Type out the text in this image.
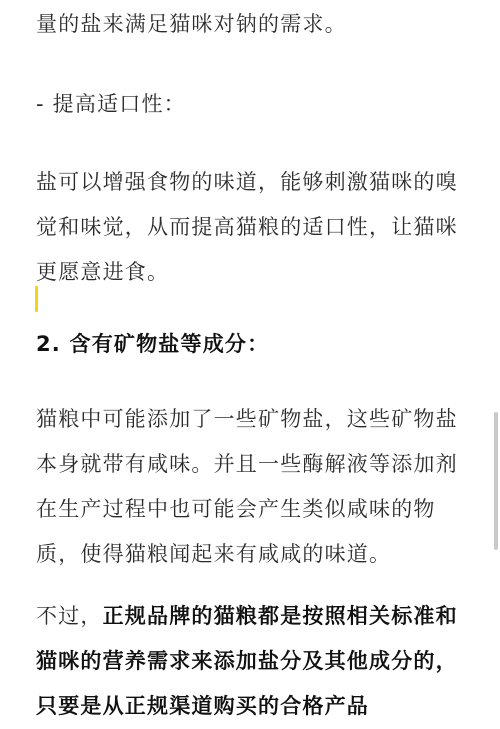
量的盐来满足猫咪对钠的需求。

- 提高适口性：

盐可以增强食物的味道，能够刺激猫咪的嗅觉和味觉，从而提高猫粮的适口性，让猫咪更愿意进食。

2. 含有矿物盐等成分：

猫粮中可能添加了一些矿物盐，这些矿物盐本身就带有咸味。并且一些酶解液等添加剂在生产过程中也可能会产生类似咸味的物质，使得猫粮闻起来有咸咸的味道。

不过，正规品牌的猫粮都是按照相关标准和猫咪的营养需求来添加盐分及其他成分的，只要是从正规渠道购买的合格产品
